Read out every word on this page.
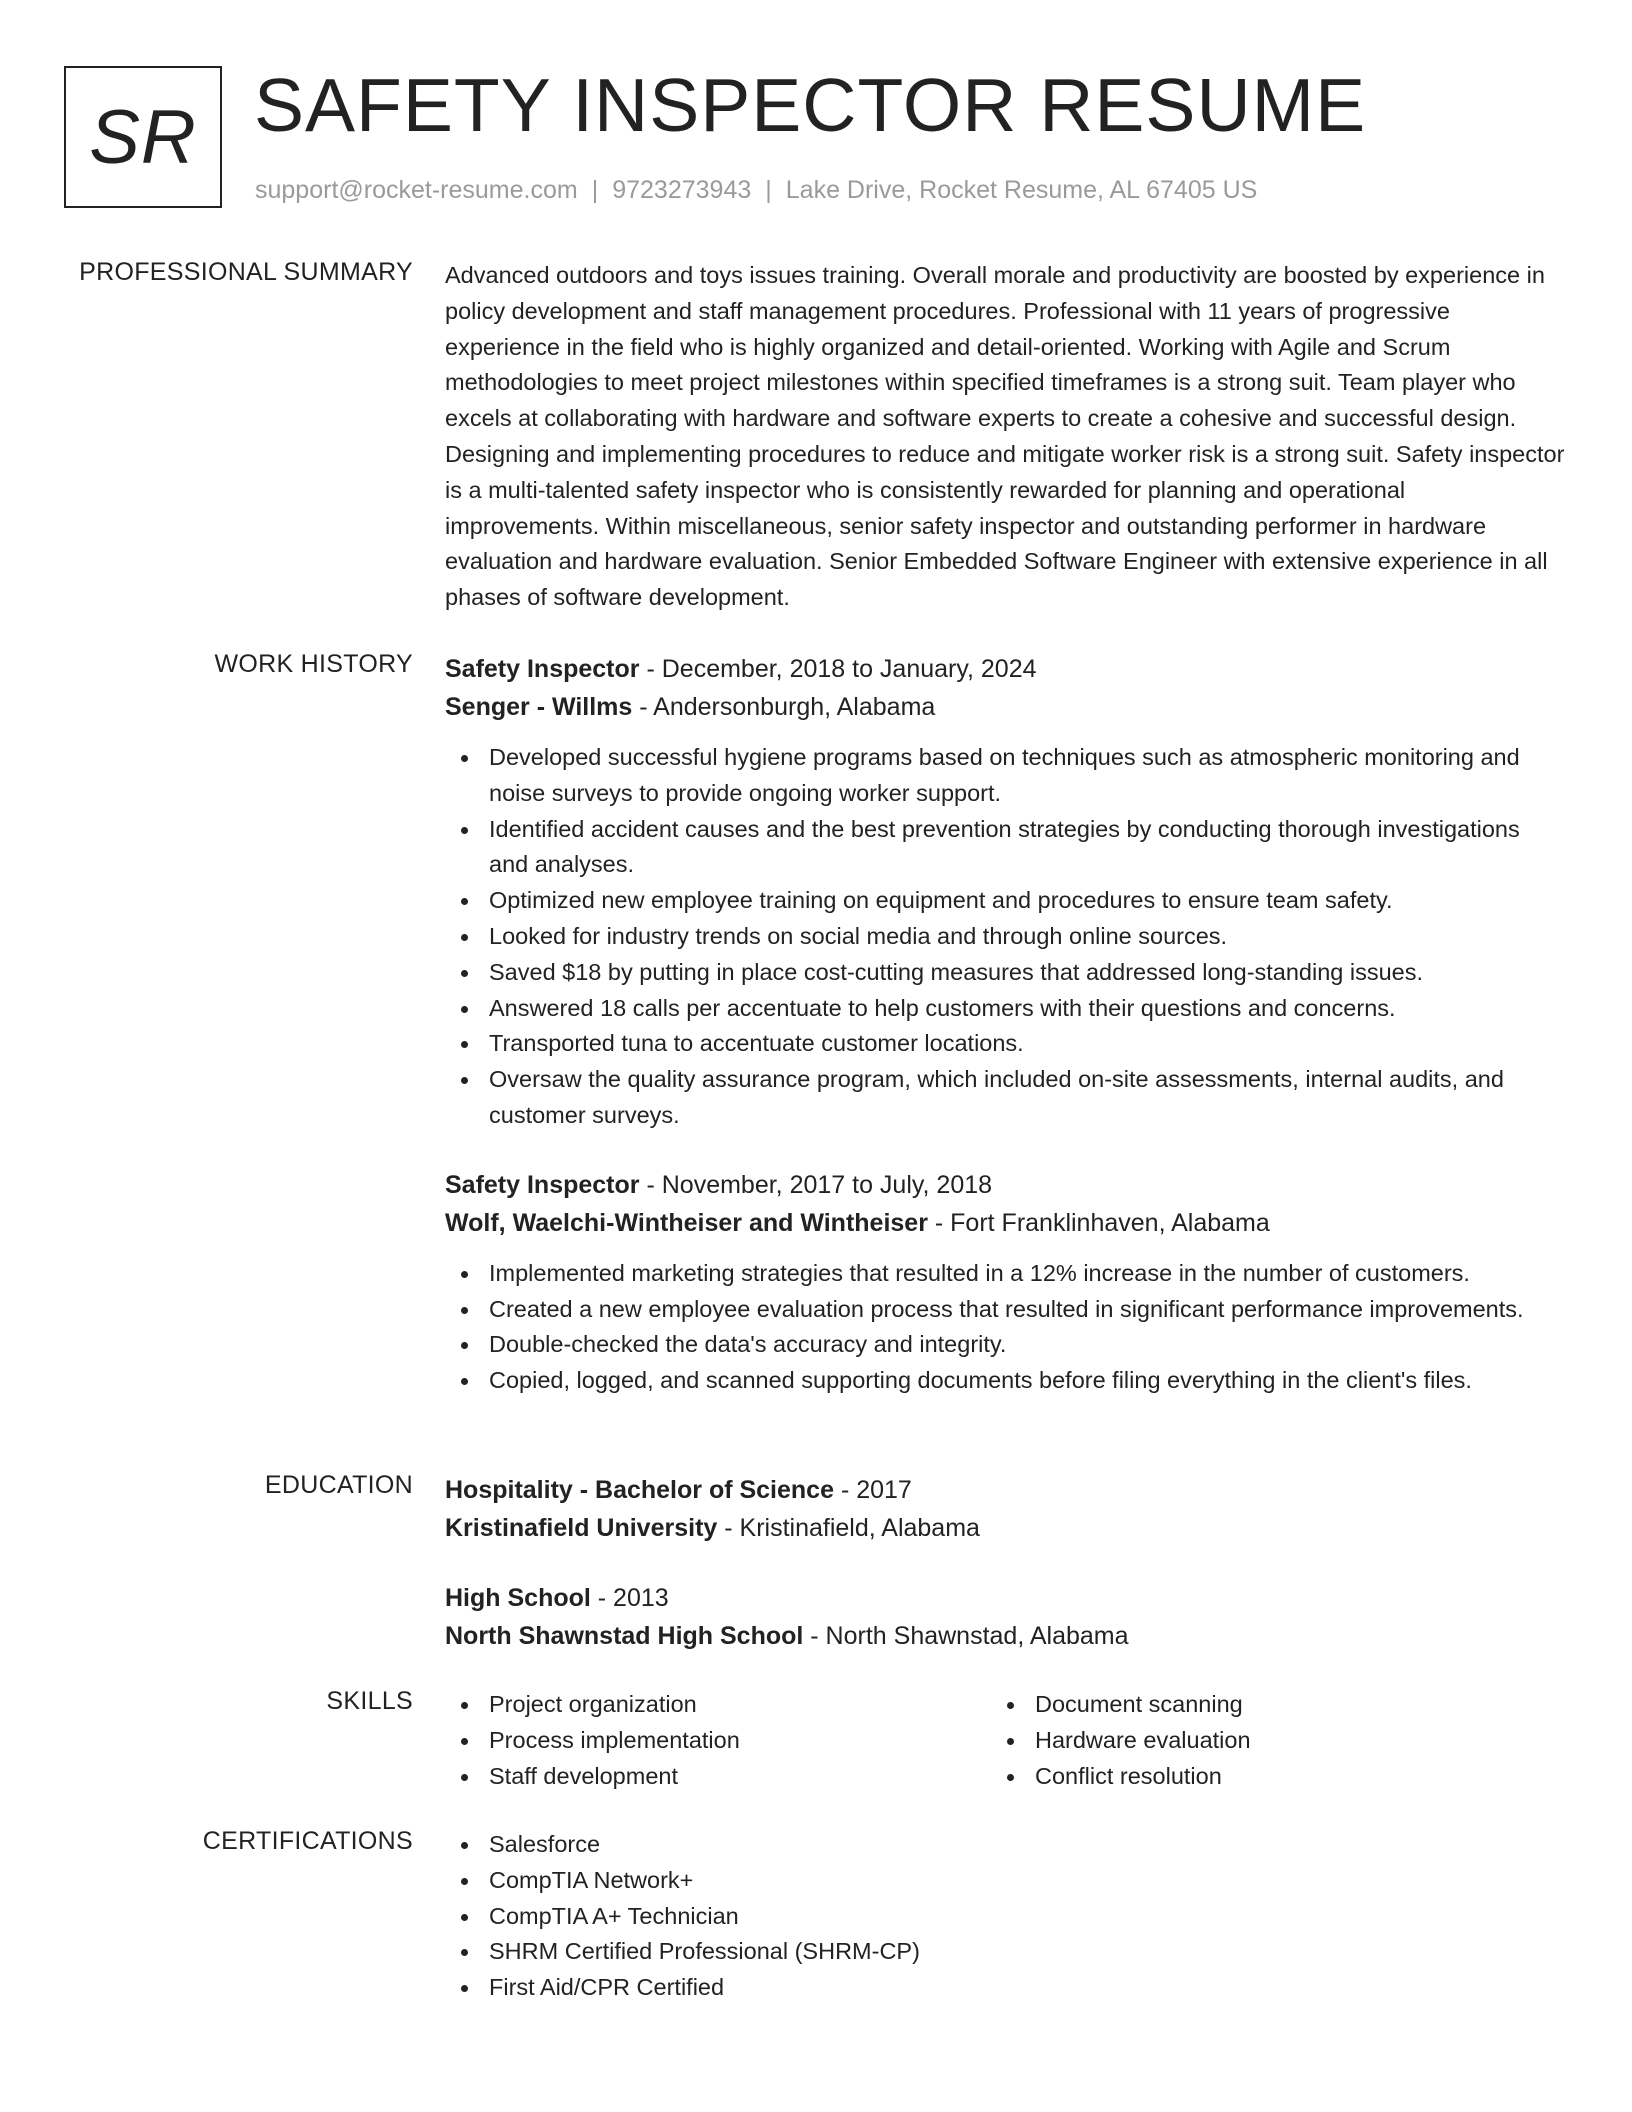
SR SAFETY INSPECTOR RESUME
support@rocket-resume.com | 9723273943 | Lake Drive, Rocket Resume, AL 67405 US
PROFESSIONAL SUMMARY Advanced outdoors and toys issues training. Overall morale and productivity are boosted by experience in policy development and staff management procedures. Professional with 11 years of progressive experience in the field who is highly organized and detail-oriented. Working with Agile and Scrum methodologies to meet project milestones within specified timeframes is a strong suit. Team player who excels at collaborating with hardware and software experts to create a cohesive and successful design. Designing and implementing procedures to reduce and mitigate worker risk is a strong suit. Safety inspector is a multi-talented safety inspector who is consistently rewarded for planning and operational improvements. Within miscellaneous, senior safety inspector and outstanding performer in hardware evaluation and hardware evaluation. Senior Embedded Software Engineer with extensive experience in all phases of software development.

WORK HISTORY Safety Inspector - December, 2018 to January, 2024
Senger - Willms - Andersonburgh, Alabama
Developed successful hygiene programs based on techniques such as atmospheric monitoring and noise surveys to provide ongoing worker support.
Identified accident causes and the best prevention strategies by conducting thorough investigations and analyses.
Optimized new employee training on equipment and procedures to ensure team safety.
Looked for industry trends on social media and through online sources.
Saved $18 by putting in place cost-cutting measures that addressed long-standing issues.
Answered 18 calls per accentuate to help customers with their questions and concerns.
Transported tuna to accentuate customer locations.
Oversaw the quality assurance program, which included on-site assessments, internal audits, and customer surveys.
Safety Inspector - November, 2017 to July, 2018
Wolf, Waelchi-Wintheiser and Wintheiser - Fort Franklinhaven, Alabama
Implemented marketing strategies that resulted in a 12% increase in the number of customers.
Created a new employee evaluation process that resulted in significant performance improvements.
Double-checked the data's accuracy and integrity.
Copied, logged, and scanned supporting documents before filing everything in the client's files.
EDUCATION Hospitality - Bachelor of Science - 2017
Kristinafield University - Kristinafield, Alabama
High School - 2013
North Shawnstad High School - North Shawnstad, Alabama
SKILLS	Project organization
Process implementation
Staff development
Document scanning
Hardware evaluation
Conflict resolution
CERTIFICATIONS	Salesforce
CompTIA Network+
CompTIA A+ Technician
SHRM Certified Professional (SHRM-CP)
First Aid/CPR Certified
